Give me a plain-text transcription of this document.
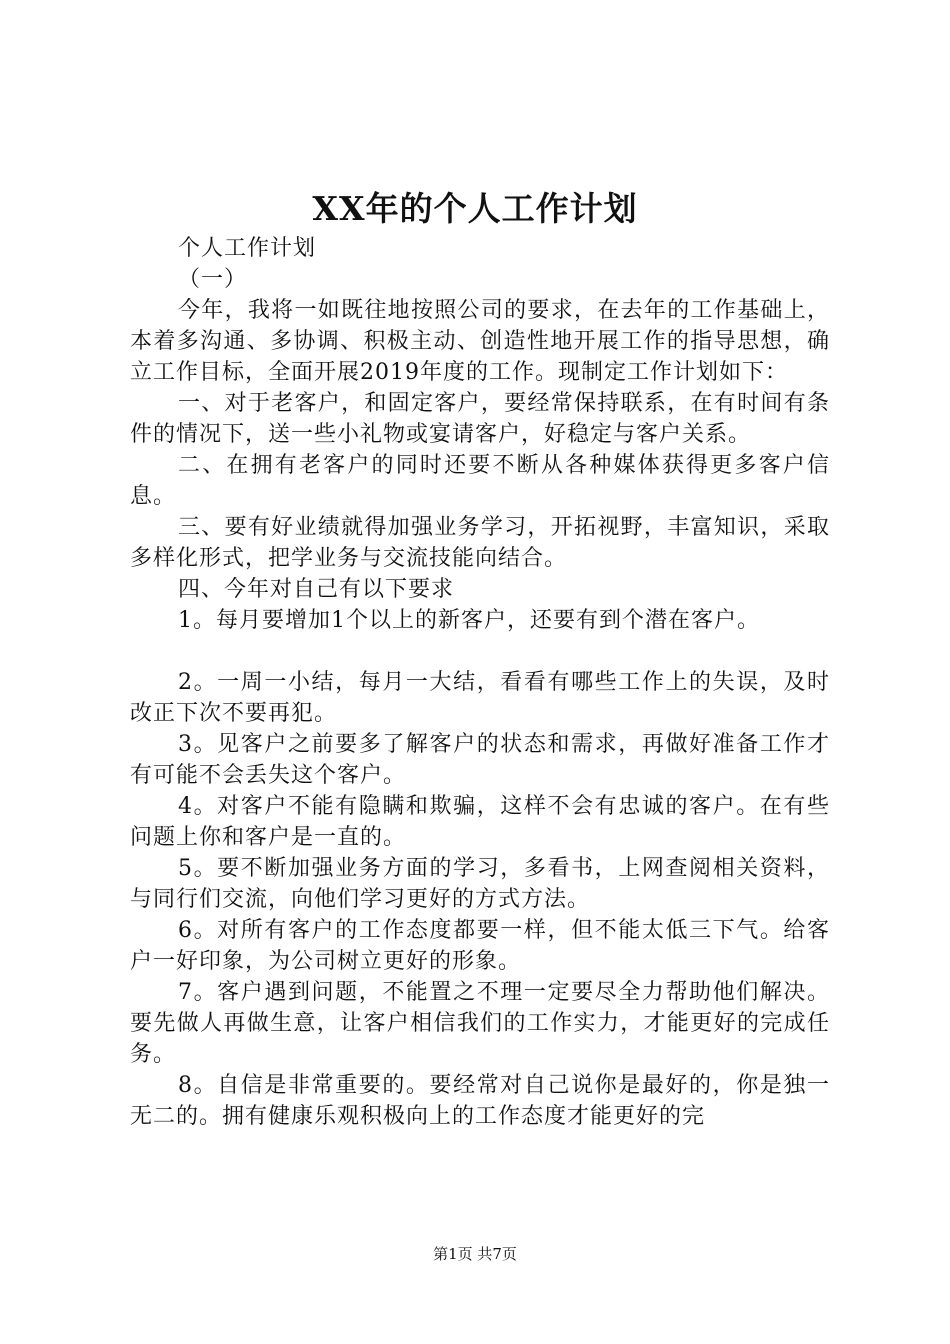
XX年的个人工作计划

个人工作计划

（一）

今年，我将一如既往地按照公司的要求，在去年的工作基础上，本着多沟通、多协调、积极主动、创造性地开展工作的指导思想，确立工作目标，全面开展2019年度的工作。现制定工作计划如下：

一、对于老客户，和固定客户，要经常保持联系，在有时间有条件的情况下，送一些小礼物或宴请客户，好稳定与客户关系。

二、在拥有老客户的同时还要不断从各种媒体获得更多客户信息。

三、要有好业绩就得加强业务学习，开拓视野，丰富知识，采取多样化形式，把学业务与交流技能向结合。

四、今年对自己有以下要求

1。每月要增加1个以上的新客户，还要有到个潜在客户。

2。一周一小结，每月一大结，看看有哪些工作上的失误，及时改正下次不要再犯。

3。见客户之前要多了解客户的状态和需求，再做好准备工作才有可能不会丢失这个客户。

4。对客户不能有隐瞒和欺骗，这样不会有忠诚的客户。在有些问题上你和客户是一直的。

5。要不断加强业务方面的学习，多看书，上网查阅相关资料，与同行们交流，向他们学习更好的方式方法。

6。对所有客户的工作态度都要一样，但不能太低三下气。给客户一好印象，为公司树立更好的形象。

7。客户遇到问题，不能置之不理一定要尽全力帮助他们解决。要先做人再做生意，让客户相信我们的工作实力，才能更好的完成任务。

8。自信是非常重要的。要经常对自己说你是最好的，你是独一无二的。拥有健康乐观积极向上的工作态度才能更好的完

第1页 共7页
